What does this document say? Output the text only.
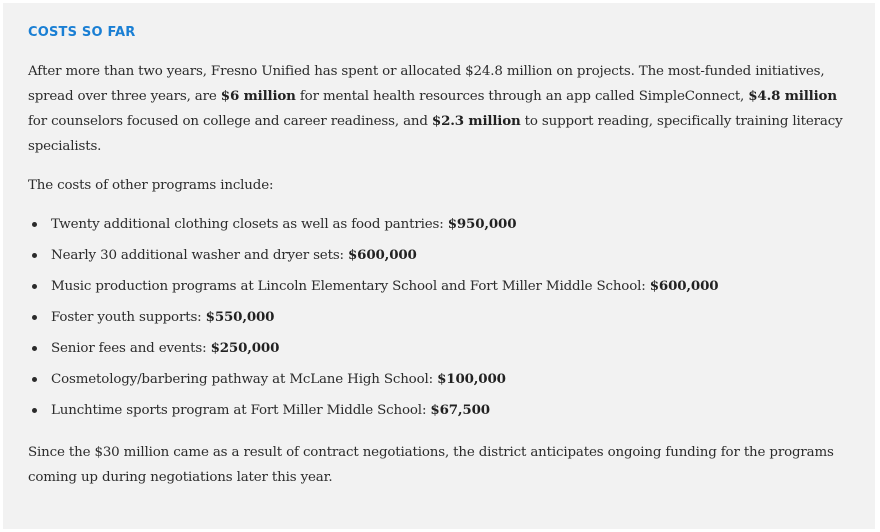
COSTS SO FAR

After more than two years, Fresno Unified has spent or allocated $24.8 million on projects. The most-funded initiatives, spread over three years, are $6 million for mental health resources through an app called SimpleConnect, $4.8 million for counselors focused on college and career readiness, and $2.3 million to support reading, specifically training literacy specialists.

The costs of other programs include:

Twenty additional clothing closets as well as food pantries: $950,000
Nearly 30 additional washer and dryer sets: $600,000
Music production programs at Lincoln Elementary School and Fort Miller Middle School: $600,000
Foster youth supports: $550,000
Senior fees and events: $250,000
Cosmetology/barbering pathway at McLane High School: $100,000
Lunchtime sports program at Fort Miller Middle School: $67,500

Since the $30 million came as a result of contract negotiations, the district anticipates ongoing funding for the programs coming up during negotiations later this year.
